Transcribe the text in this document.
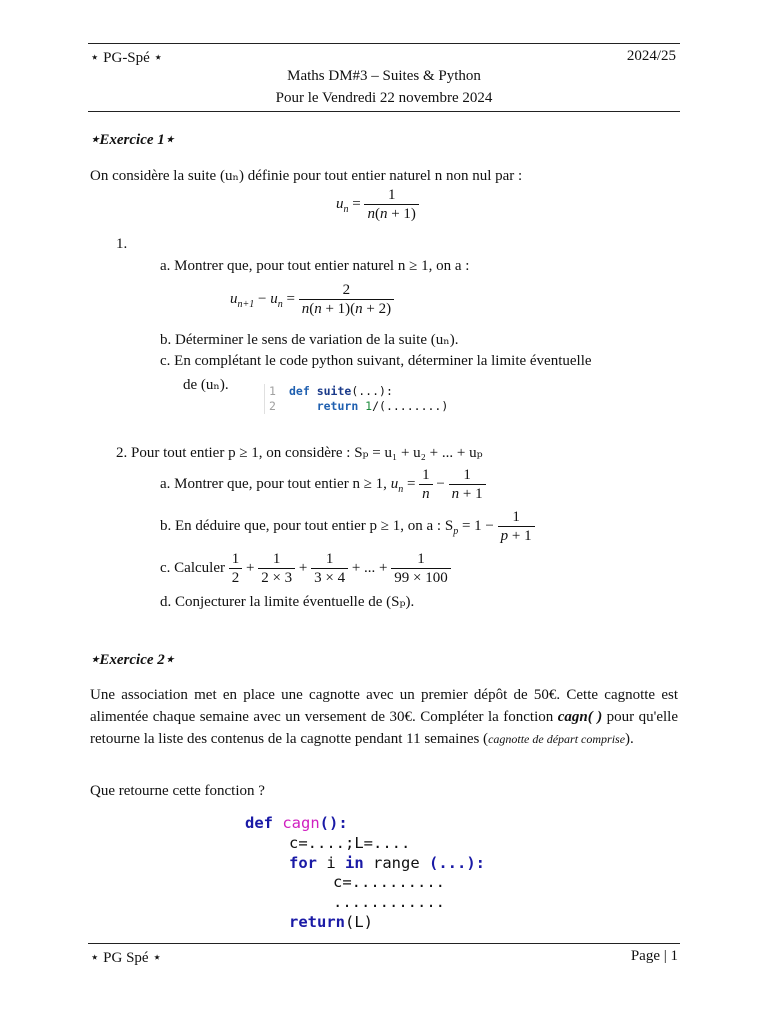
⋆ PG-Spé ⋆	2024/25
Maths DM#3 – Suites & Python
Pour le Vendredi 22 novembre 2024
⋆Exercice 1⋆
On considère la suite (uₙ) définie pour tout entier naturel n non nul par :
$u_n = \frac{1}{n(n + 1)}$
1.
a. Montrer que, pour tout entier naturel n ≥ 1, on a :
$u_{n+1} - u_n = \frac{2}{n(n + 1)(n + 2)}$
b. Déterminer le sens de variation de la suite (uₙ).
c. En complétant le code python suivant, déterminer la limite éventuelle
de (uₙ).	1 def suite(...):
2	return 1/(........)
2. Pour tout entier p ≥ 1, on considère : Sₚ = u₁ + u₂ + ... + uₚ
a. Montrer que, pour tout entier n ≥ 1, $u_n = \frac{1}{n} - \frac{1}{n + 1}$
b. En déduire que, pour tout entier p ≥ 1, on a : $S_p = 1 - \frac{1}{p + 1}$
c. Calculer $\frac{1}{2} + \frac{1}{2 \times 3} + \frac{1}{3 \times 4}$ + ... + $\frac{1}{99 \times 100}$
d. Conjecturer la limite éventuelle de (Sₚ).
⋆Exercice 2⋆
Une association met en place une cagnotte avec un premier dépôt de 50€. Cette cagnotte est alimentée chaque semaine avec un versement de 30€. Compléter la fonction cagn( ) pour qu'elle retourne la liste des contenus de la cagnotte pendant 11 semaines (cagnotte de départ comprise).
Que retourne cette fonction ?
def cagn():
c=....;L=....
for i in range (...):
c=..........
............
return(L)
⋆ PG Spé ⋆	Page | 1
